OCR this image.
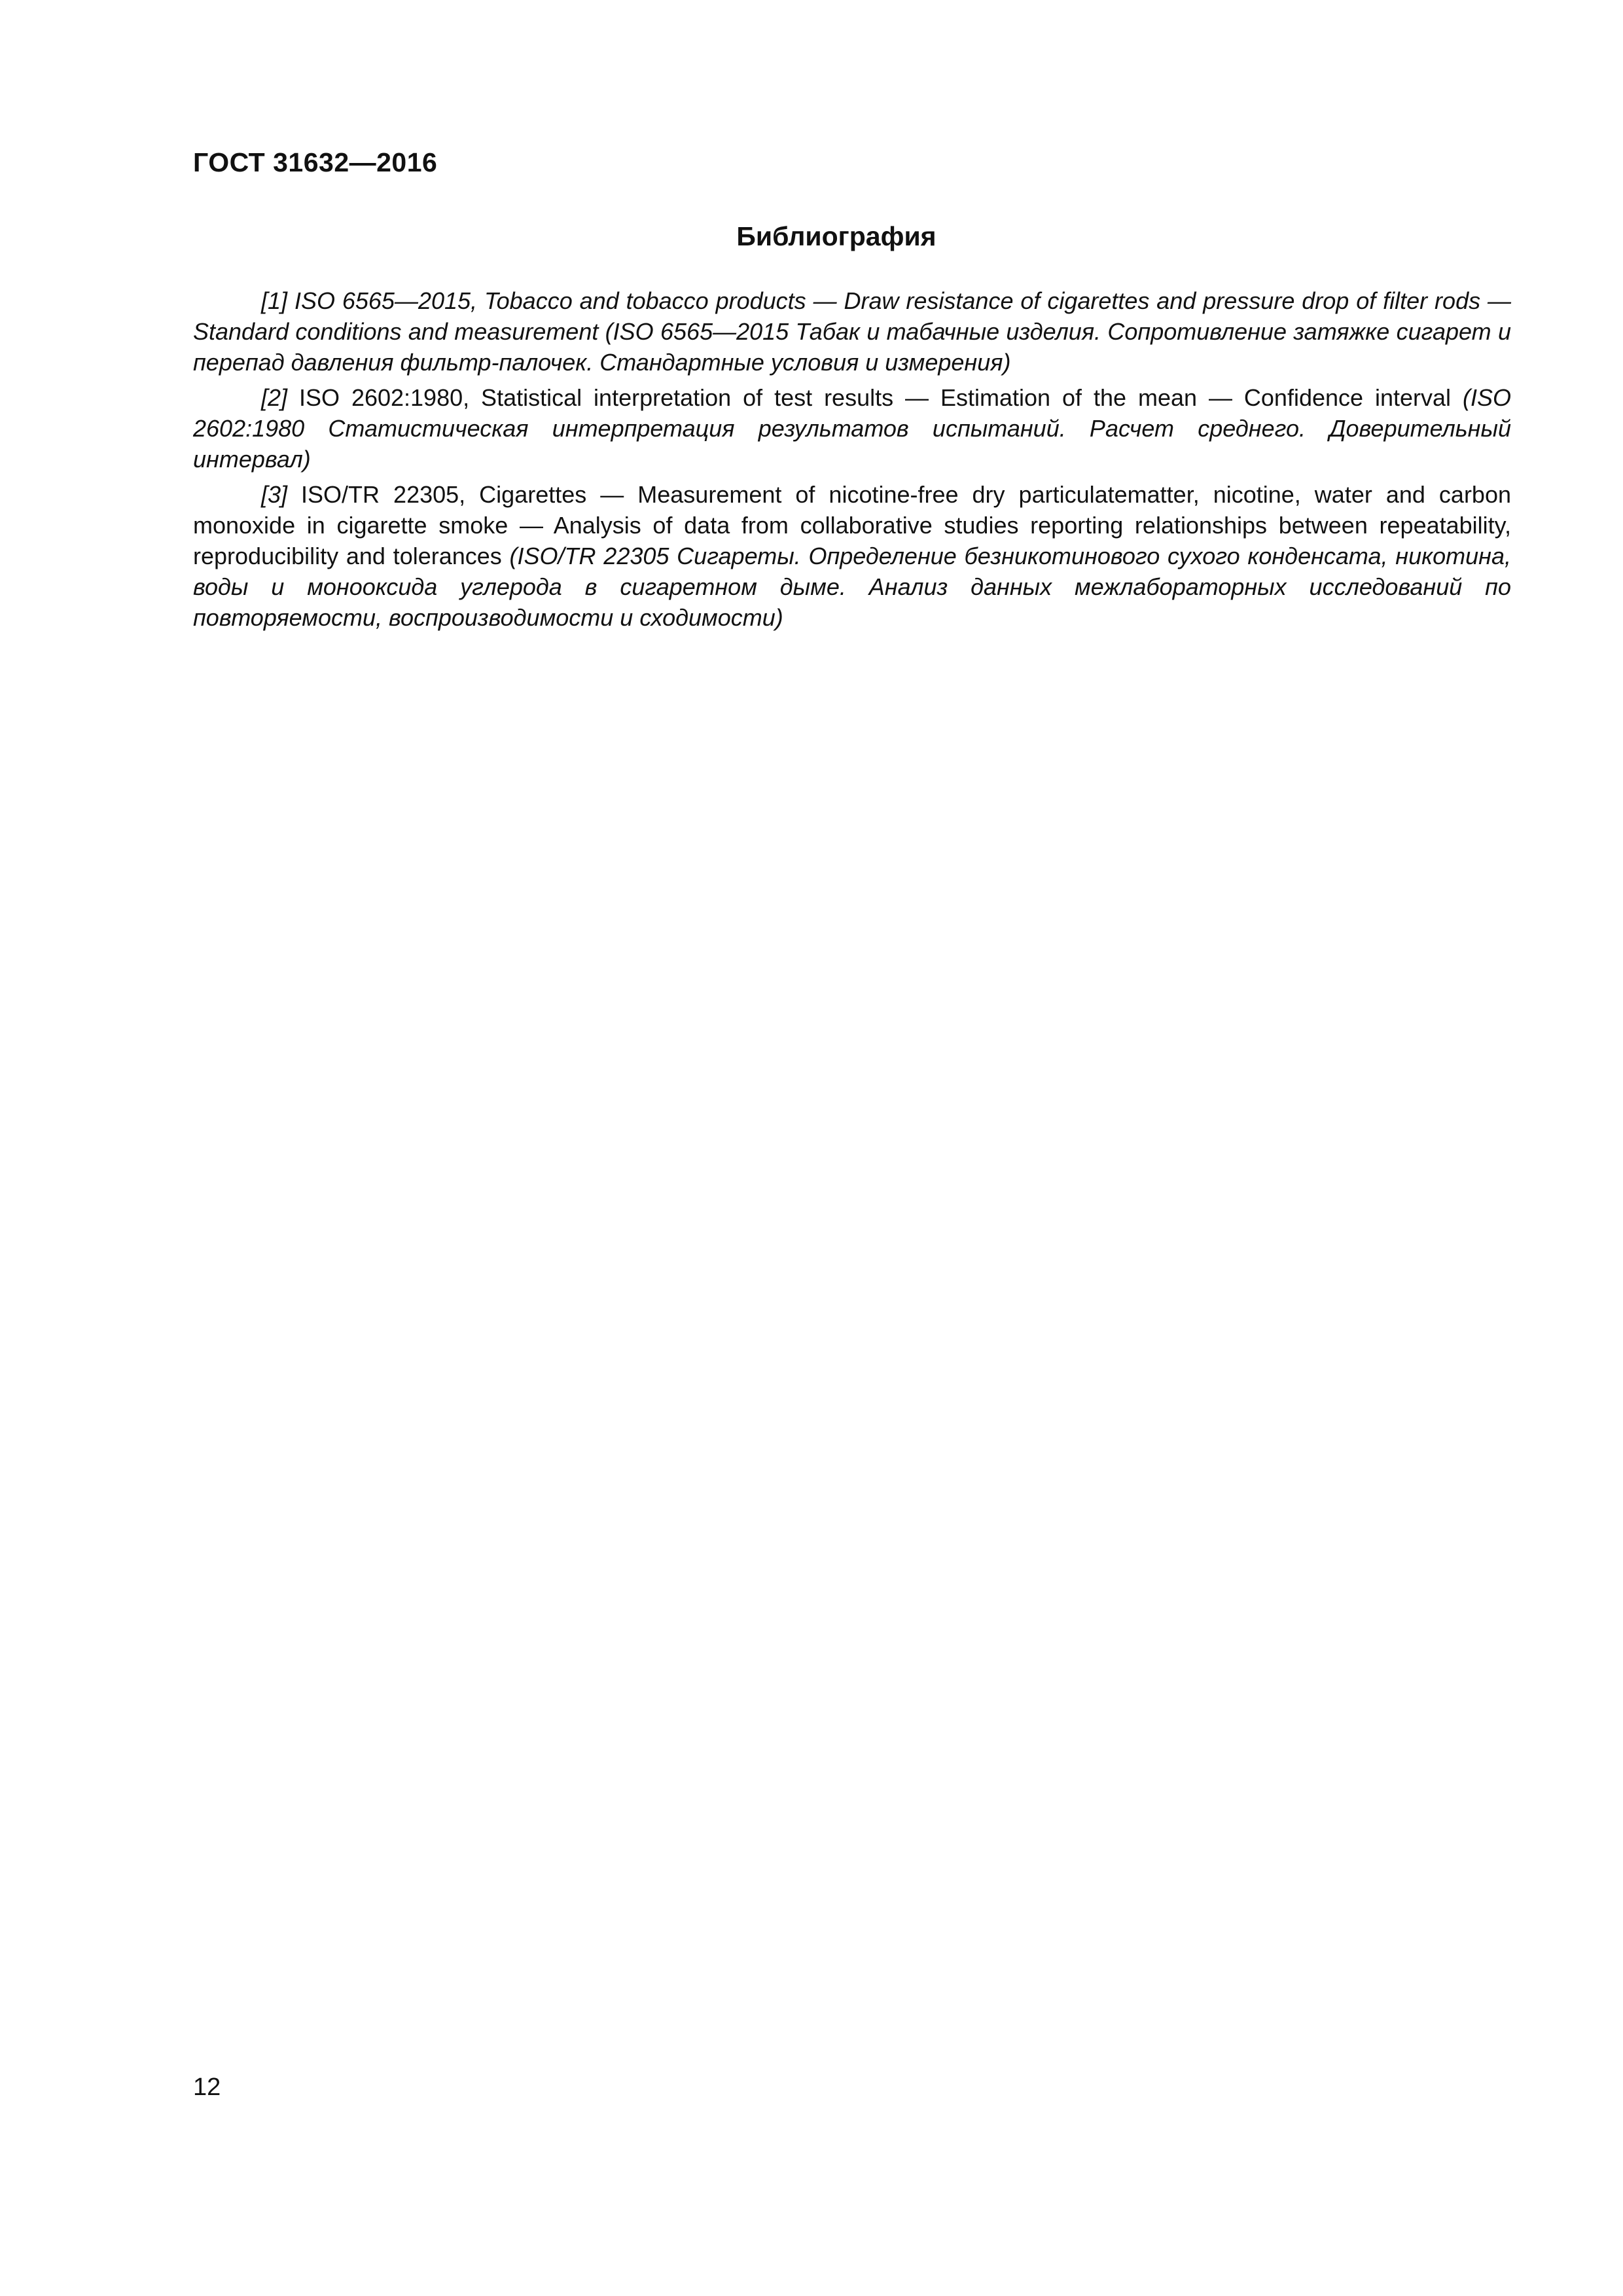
ГОСТ 31632—2016
Библиография

[1] ISO 6565—2015, Tobacco and tobacco products — Draw resistance of cigarettes and pressure drop of filter rods — Standard conditions and measurement (ISO 6565—2015 Табак и табачные изделия. Сопротивление затяжке сигарет и перепад давления фильтр-палочек. Стандартные условия и измерения)

[2] ISO 2602:1980, Statistical interpretation of test results — Estimation of the mean — Confidence interval (ISO 2602:1980 Статистическая интерпретация результатов испытаний. Расчет среднего. Доверительный интервал)

[3] ISO/TR 22305, Cigarettes — Measurement of nicotine-free dry particulatematter, nicotine, water and carbon monoxide in cigarette smoke — Analysis of data from collaborative studies reporting relationships between repeatability, reproducibility and tolerances (ISO/TR 22305 Сигареты. Определение безникотинового сухого конденсата, никотина, воды и монооксида углерода в сигаретном дыме. Анализ данных межлабораторных исследований по повторяемости, воспроизводимости и сходимости)

12
